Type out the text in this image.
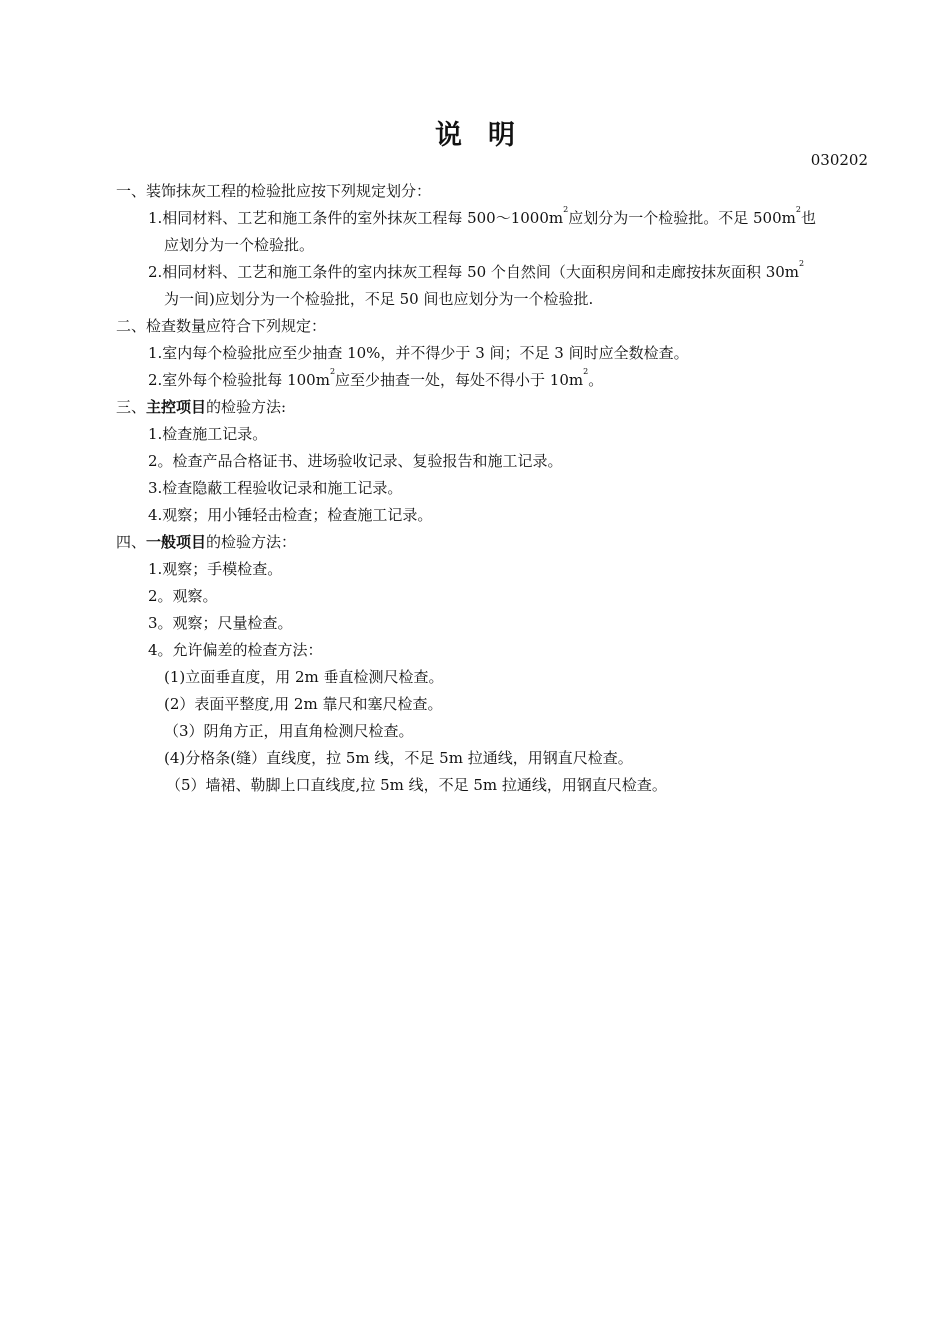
说明
030202
一、装饰抹灰工程的检验批应按下列规定划分：
1.相同材料、工艺和施工条件的室外抹灰工程每 $500\sim 1000m^2$应划分为一个检验批。不足 $500m^2$也
应划分为一个检验批。
2.相同材料、工艺和施工条件的室内抹灰工程每 50 个自然间（大面积房间和走廊按抹灰面积 $30m^2$
为一间)应划分为一个检验批，不足 50 间也应划分为一个检验批.
二、检查数量应符合下列规定：
1.室内每个检验批应至少抽查 10%，并不得少于 3 间；不足 3 间时应全数检查。
2.室外每个检验批每 $100m^2$应至少抽查一处，每处不得小于 $10m^2$。
三、主控项目的检验方法:
1.检查施工记录。
2。检查产品合格证书、进场验收记录、复验报告和施工记录。
3.检查隐蔽工程验收记录和施工记录。
4.观察；用小锤轻击检查；检查施工记录。
四、一般项目的检验方法：
1.观察；手模检查。
2。观察。
3。观察；尺量检查。
4。允许偏差的检查方法：
(1)立面垂直度，用 2m 垂直检测尺检查。
(2）表面平整度,用 2m 靠尺和塞尺检查。
（3）阴角方正，用直角检测尺检查。
(4)分格条(缝）直线度，拉 5m 线，不足 5m 拉通线，用钢直尺检查。
（5）墙裙、勒脚上口直线度,拉 5m 线，不足 5m 拉通线，用钢直尺检查。
